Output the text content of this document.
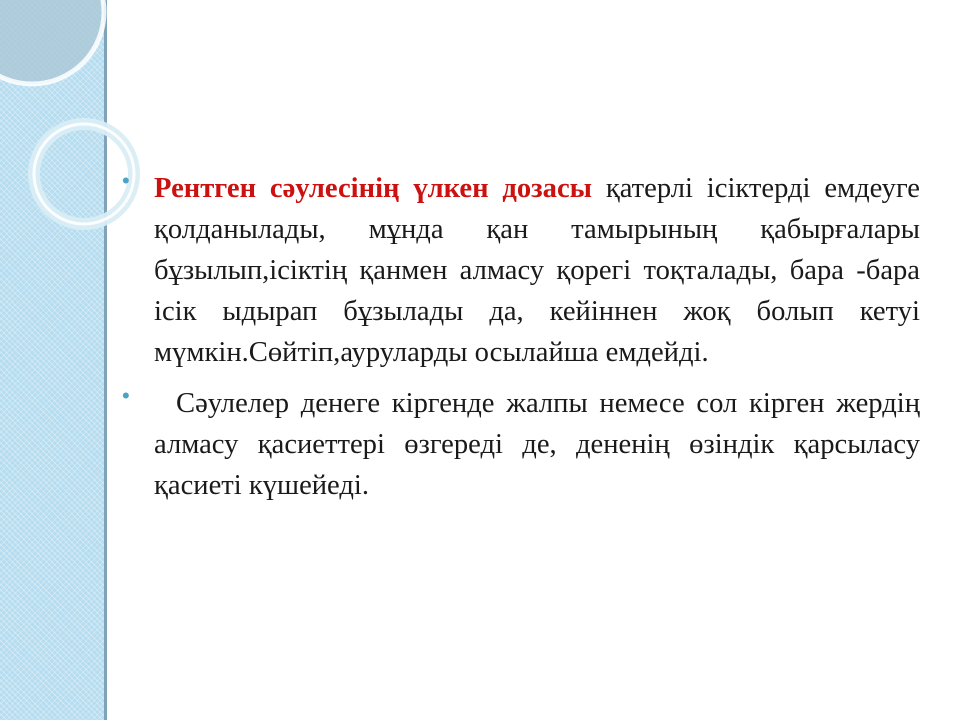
• Рентген сәулесінің үлкен дозасы қатерлі ісіктерді емдеуге қолданылады, мұнда қан тамырының қабырғалары бұзылып,ісіктің қанмен алмасу қорегі тоқталады, бара -бара ісік ыдырап бұзылады да, кейіннен жоқ болып кетуі мүмкін.Сөйтіп,ауруларды осылайша емдейді.

•	Сәулелер денеге кіргенде жалпы немесе сол кірген жердің алмасу қасиеттері өзгереді де, дененің өзіндік қарсыласу қасиеті күшейеді.
